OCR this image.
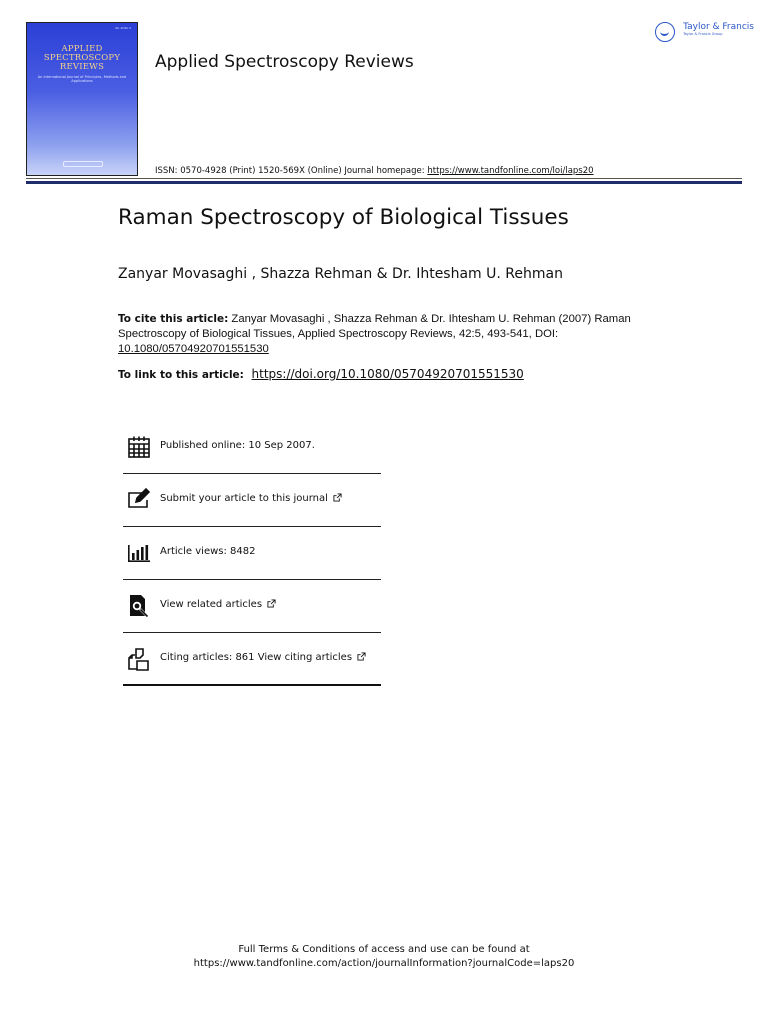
Vol. 42 No. 5
APPLIED
SPECTROSCOPY
REVIEWS
An International Journal of Principles, Methods and Applications
Applied Spectroscopy Reviews
ISSN: 0570-4928 (Print) 1520-569X (Online) Journal homepage: https://www.tandfonline.com/loi/laps20

Taylor & Francis
Taylor & Francis Group
Raman Spectroscopy of Biological Tissues
Zanyar Movasaghi , Shazza Rehman & Dr. Ihtesham U. Rehman
To cite this article: Zanyar Movasaghi , Shazza Rehman & Dr. Ihtesham U. Rehman (2007) Raman Spectroscopy of Biological Tissues, Applied Spectroscopy Reviews, 42:5, 493-541, DOI: 10.1080/05704920701551530
To link to this article: https://doi.org/10.1080/05704920701551530
Published online: 10 Sep 2007.
Submit your article to this journal
Article views: 8482
View related articles
Citing articles: 861 View citing articles
Full Terms & Conditions of access and use can be found at
https://www.tandfonline.com/action/journalInformation?journalCode=laps20
